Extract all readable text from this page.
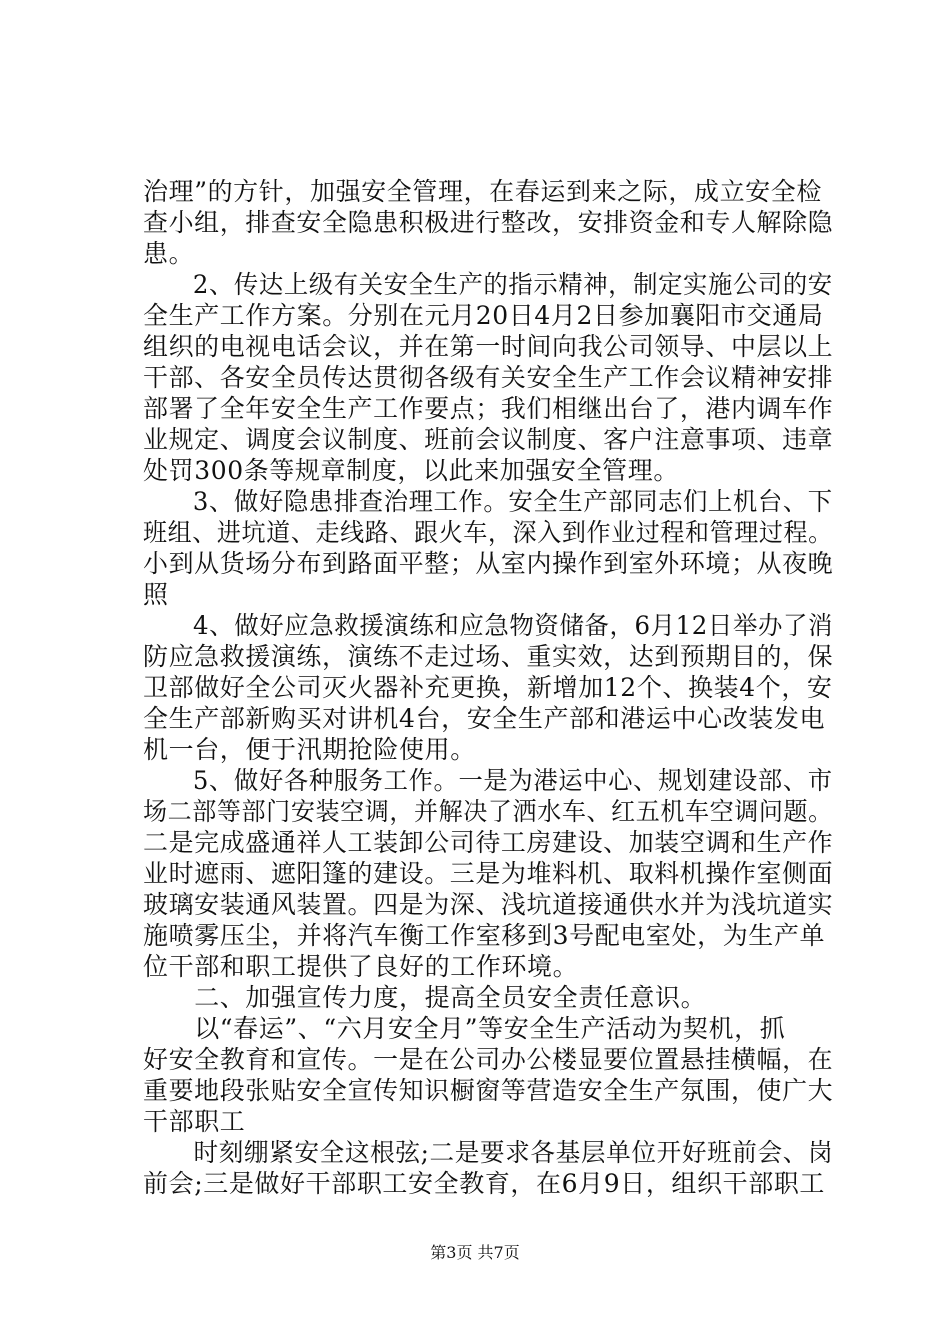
治理”的方针，加强安全管理，在春运到来之际，成立安全检
查小组，排查安全隐患积极进行整改，安排资金和专人解除隐
患。
　　2、传达上级有关安全生产的指示精神，制定实施公司的安
全生产工作方案。分别在元月20日4月2日参加襄阳市交通局
组织的电视电话会议，并在第一时间向我公司领导、中层以上
干部、各安全员传达贯彻各级有关安全生产工作会议精神安排
部署了全年安全生产工作要点；我们相继出台了，港内调车作
业规定、调度会议制度、班前会议制度、客户注意事项、违章
处罚300条等规章制度，以此来加强安全管理。
　　3、做好隐患排查治理工作。安全生产部同志们上机台、下
班组、进坑道、走线路、跟火车，深入到作业过程和管理过程。
小到从货场分布到路面平整；从室内操作到室外环境；从夜晚
照
　　4、做好应急救援演练和应急物资储备，6月12日举办了消
防应急救援演练，演练不走过场、重实效，达到预期目的，保
卫部做好全公司灭火器补充更换，新增加12个、换装4个，安
全生产部新购买对讲机4台，安全生产部和港运中心改装发电
机一台，便于汛期抢险使用。
　　5、做好各种服务工作。一是为港运中心、规划建设部、市
场二部等部门安装空调，并解决了洒水车、红五机车空调问题。
二是完成盛通祥人工装卸公司待工房建设、加装空调和生产作
业时遮雨、遮阳篷的建设。三是为堆料机、取料机操作室侧面
玻璃安装通风装置。四是为深、浅坑道接通供水并为浅坑道实
施喷雾压尘，并将汽车衡工作室移到3号配电室处，为生产单
位干部和职工提供了良好的工作环境。
　　二、加强宣传力度，提高全员安全责任意识。
　　以“春运”、“六月安全月”等安全生产活动为契机，抓
好安全教育和宣传。一是在公司办公楼显要位置悬挂横幅，在
重要地段张贴安全宣传知识橱窗等营造安全生产氛围，使广大
干部职工
　　时刻绷紧安全这根弦;二是要求各基层单位开好班前会、岗
前会;三是做好干部职工安全教育，在6月9日，组织干部职工
第3页 共7页
